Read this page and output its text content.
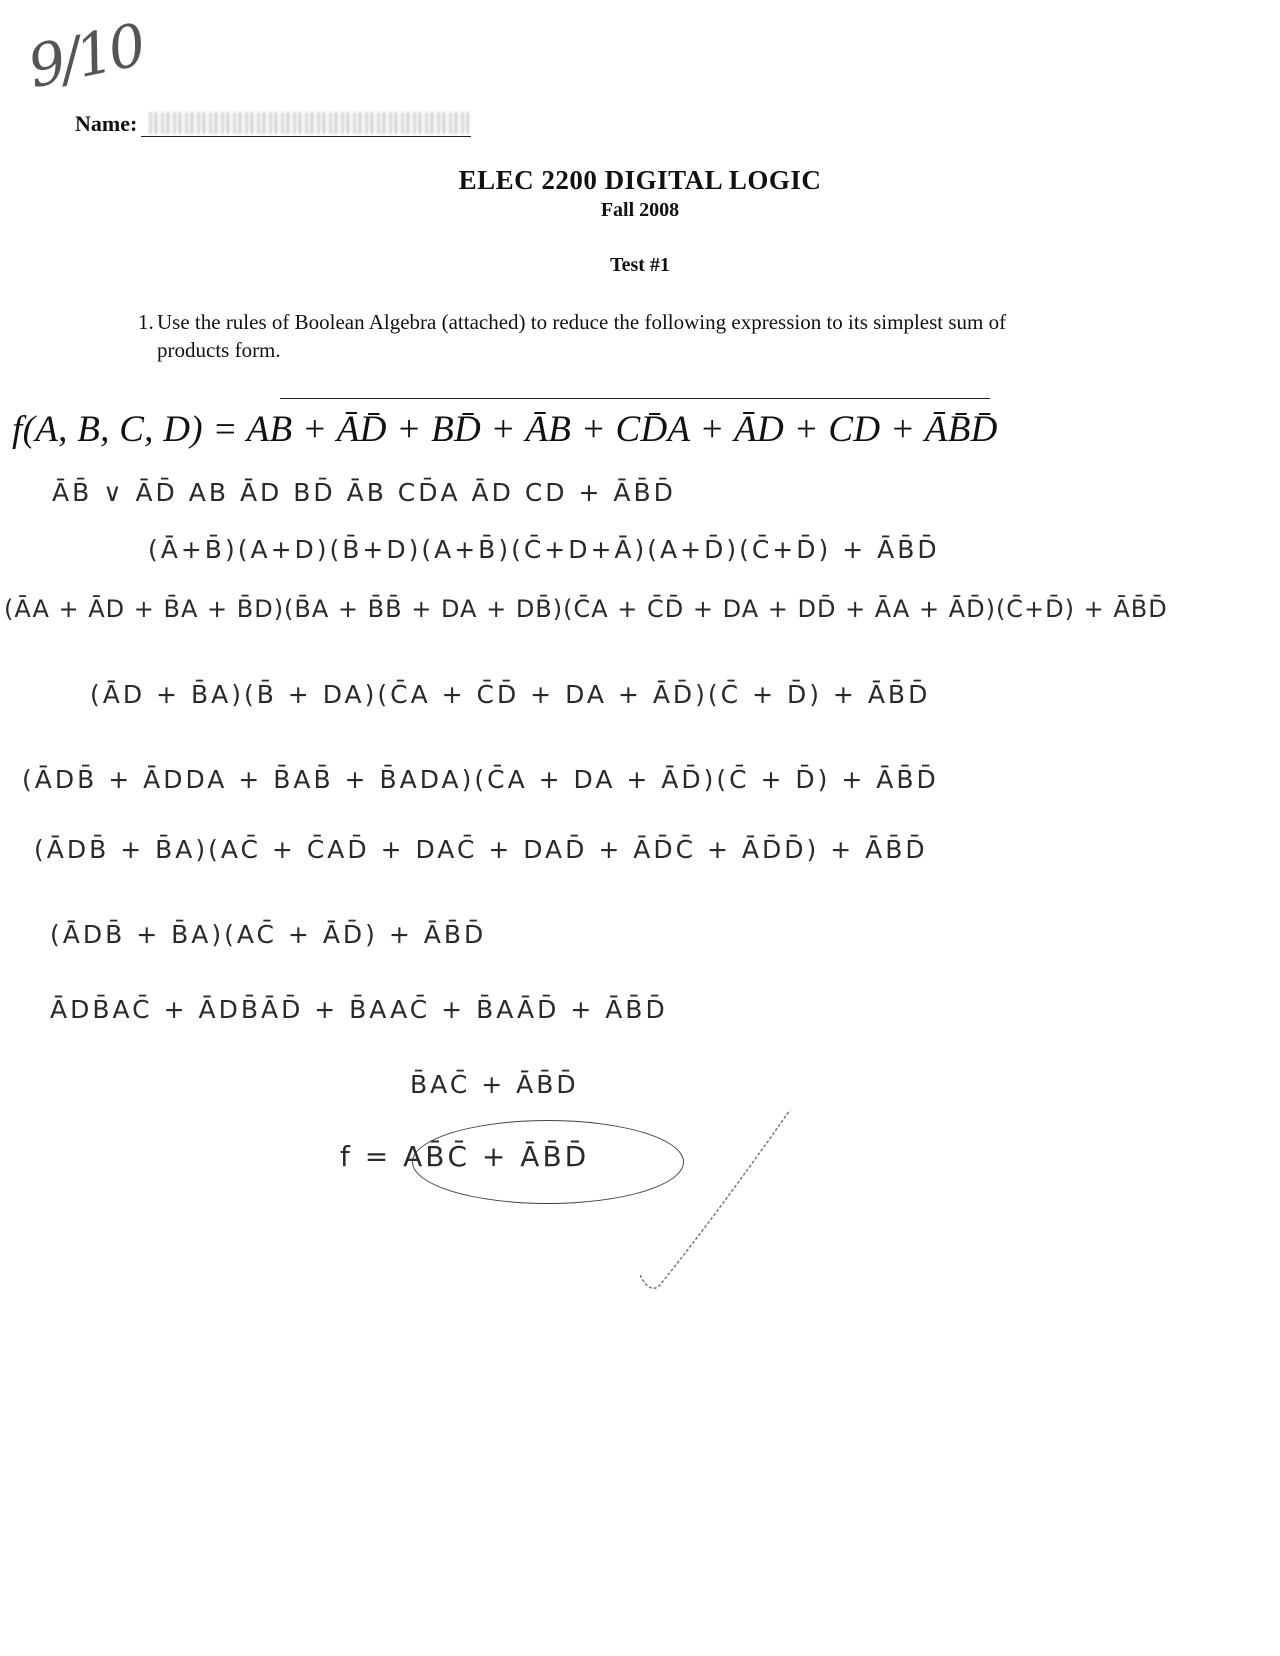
9/10
Name:
ELEC 2200 DIGITAL LOGIC
Fall 2008
Test #1
1. Use the rules of Boolean Algebra (attached) to reduce the following expression to its simplest sum of products form.
f(A, B, C, D) = AB + ĀD̄ + BD̄ + ĀB + CD̄A + ĀD + CD + ĀB̄D̄
ĀB̄ ∨ ĀD̄ AB ĀD BD̄ ĀB CD̄A ĀD CD + ĀB̄D̄
(Ā+B̄)(A+D)(B̄+D)(A+B̄)(C̄+D+Ā)(A+D̄)(C̄+D̄) + ĀB̄D̄
(ĀA + ĀD + B̄A + B̄D)(B̄A + B̄B̄ + DA + DB̄)(C̄A + C̄D̄ + DA + DD̄ + ĀA + ĀD̄)(C̄+D̄) + ĀB̄D̄
(ĀD + B̄A)(B̄ + DA)(C̄A + C̄D̄ + DA + ĀD̄)(C̄ + D̄) + ĀB̄D̄
(ĀDB̄ + ĀDDA + B̄AB̄ + B̄ADA)(C̄A + DA + ĀD̄)(C̄ + D̄) + ĀB̄D̄
(ĀDB̄ + B̄A)(AC̄ + C̄AD̄ + DAC̄ + DAD̄ + ĀD̄C̄ + ĀD̄D̄) + ĀB̄D̄
(ĀDB̄ + B̄A)(AC̄ + ĀD̄) + ĀB̄D̄
ĀDB̄AC̄ + ĀDB̄ĀD̄ + B̄AAC̄ + B̄AĀD̄ + ĀB̄D̄
B̄AC̄ + ĀB̄D̄
f = AB̄C̄ + ĀB̄D̄
